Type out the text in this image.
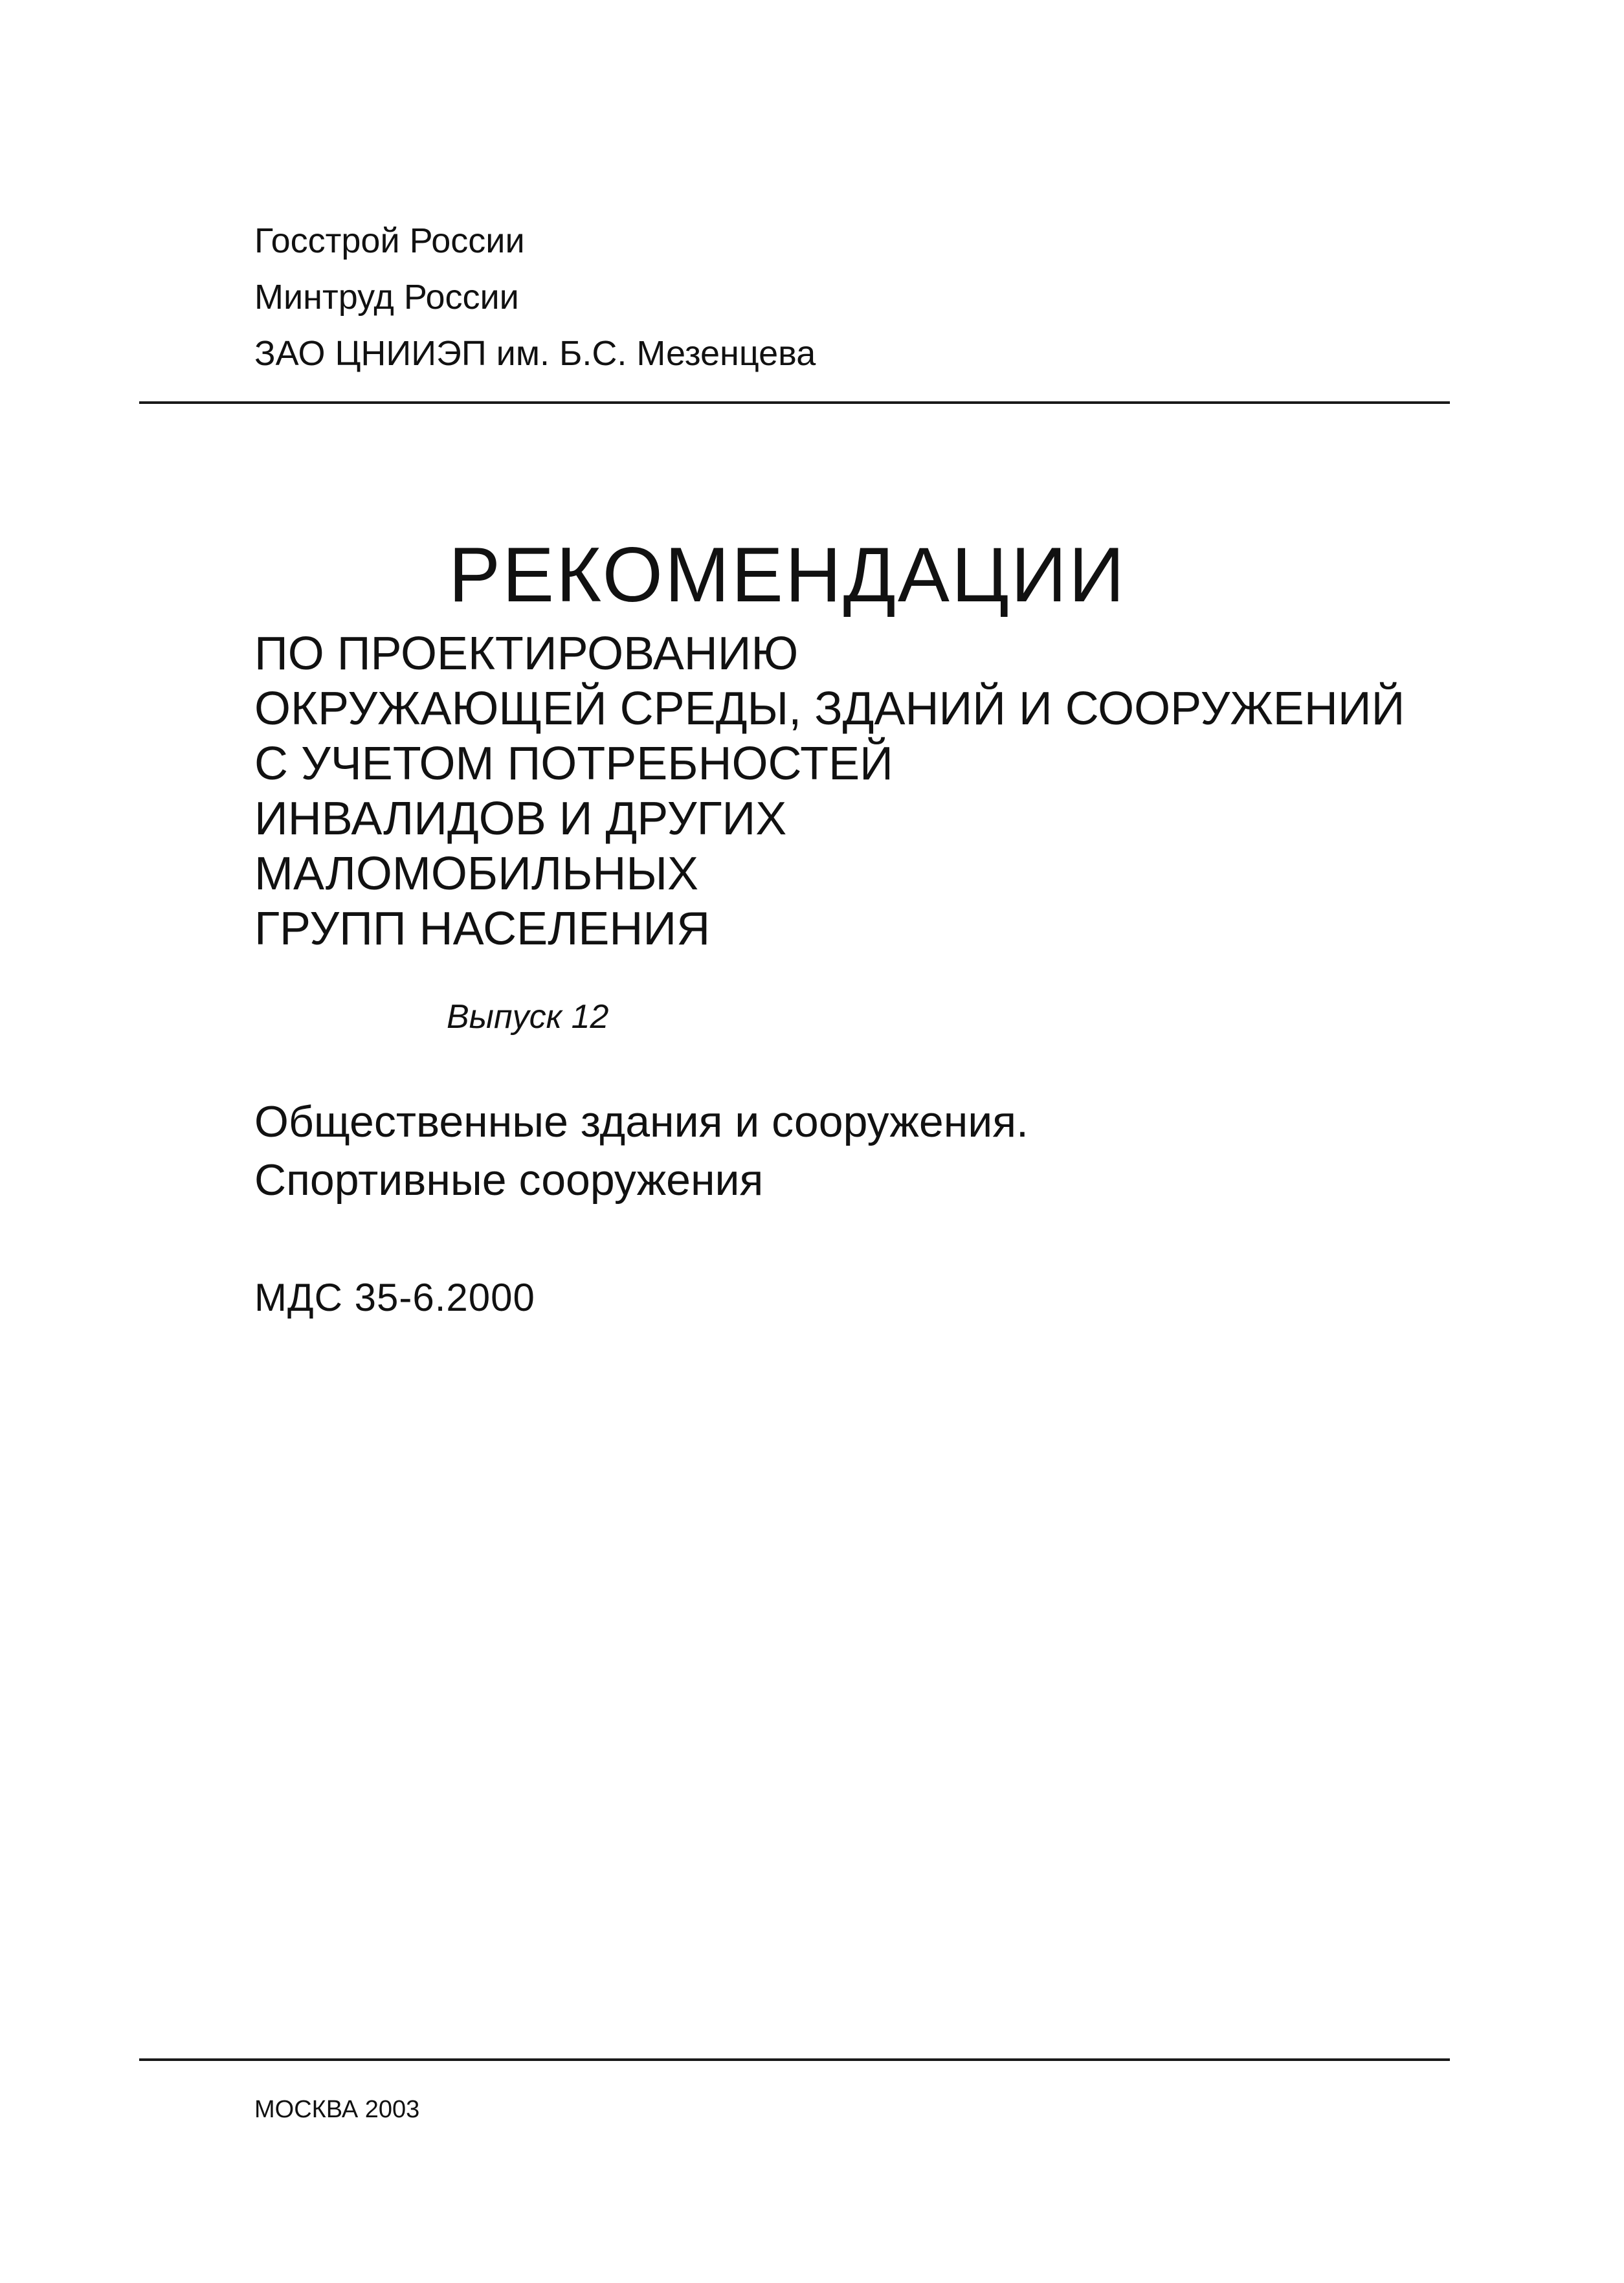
Госстрой России
Минтруд России
ЗАО ЦНИИЭП им. Б.С. Мезенцева
РЕКОМЕНДАЦИИ
ПО ПРОЕКТИРОВАНИЮ
ОКРУЖАЮЩЕЙ СРЕДЫ, ЗДАНИЙ И СООРУЖЕНИЙ
С УЧЕТОМ ПОТРЕБНОСТЕЙ
ИНВАЛИДОВ И ДРУГИХ
МАЛОМОБИЛЬНЫХ
ГРУПП НАСЕЛЕНИЯ
Выпуск 12
Общественные здания и сооружения.
Спортивные сооружения
МДС 35-6.2000
МОСКВА 2003
